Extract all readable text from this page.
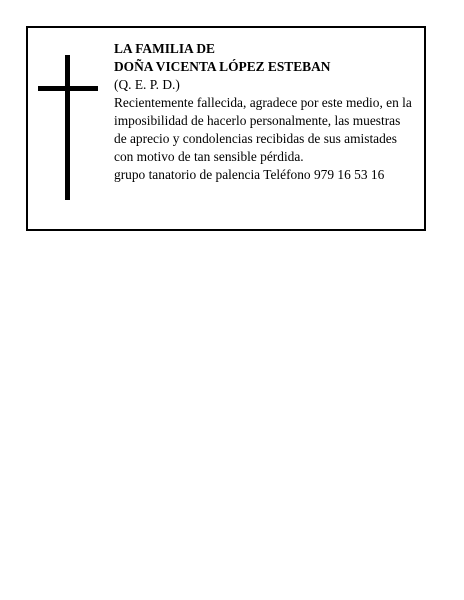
LA FAMILIA DE
DOÑA VICENTA LÓPEZ ESTEBAN
(Q. E. P. D.)
Recientemente fallecida, agradece por este medio, en la
imposibilidad de hacerlo personalmente, las muestras
de aprecio y condolencias recibidas de sus amistades
con motivo de tan sensible pérdida.
grupo tanatorio de palencia Teléfono 979 16 53 16
